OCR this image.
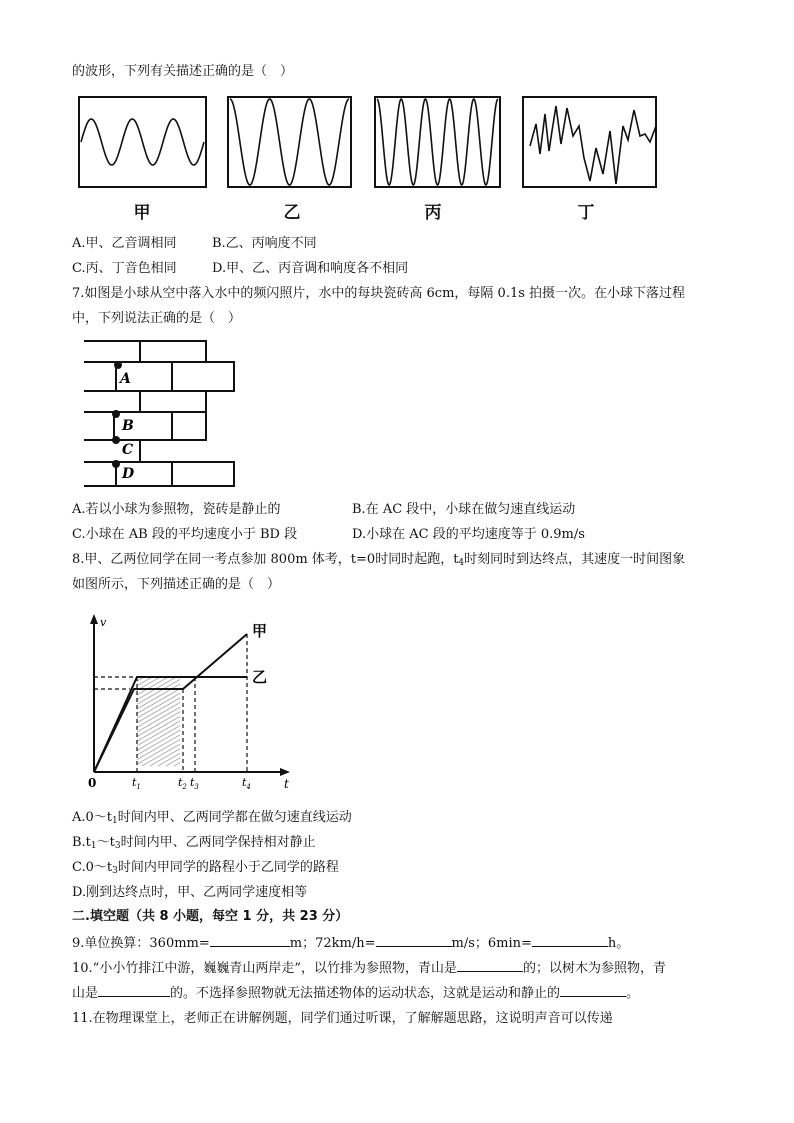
的波形，下列有关描述正确的是（　）
甲	乙	丙	丁
A.甲、乙音调相同	B.乙、丙响度不同
C.丙、丁音色相同	D.甲、乙、丙音调和响度各不相同
7.如图是小球从空中落入水中的频闪照片，水中的每块瓷砖高 6cm，每隔 0.1s 拍摄一次。在小球下落过程
中，下列说法正确的是（　）
A
B
C
D
A.若以小球为参照物，瓷砖是静止的	B.在 AC 段中，小球在做匀速直线运动
C.小球在 AB 段的平均速度小于 BD 段	D.小球在 AC 段的平均速度等于 0.9m/s
8.甲、乙两位同学在同一考点参加 800m 体考，t=0时同时起跑，$t_4$时刻同时到达终点，其速度一时间图象
如图所示，下列描述正确的是（　）
v
t
0
甲
乙
$t_1$	$t_2$ $t_3$	$t_4$
$A.0\sim t_1$时间内甲、乙两同学都在做匀速直线运动
$B.t_1\sim t_3$时间内甲、乙两同学保持相对静止
$C.0\sim t_3$时间内甲同学的路程小于乙同学的路程
D.刚到达终点时，甲、乙两同学速度相等
二.填空题（共 8 小题，每空 1 分，共 23 分）
9.单位换算：360mm=	m；72km/h=	m/s；6min=	h。
10.“小小竹排江中游，巍巍青山两岸走”，以竹排为参照物，青山是	的；以树木为参照物，青
山是	的。不选择参照物就无法描述物体的运动状态，这就是运动和静止的	。
11.在物理课堂上，老师正在讲解例题，同学们通过听课，了解解题思路，这说明声音可以传递
